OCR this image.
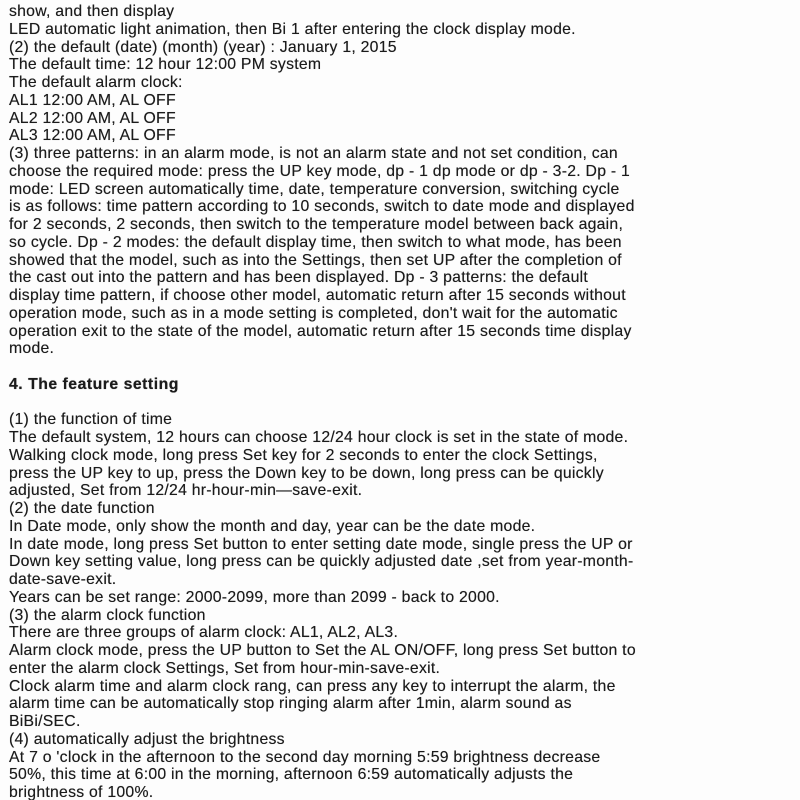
show, and then display
LED automatic light animation, then Bi 1 after entering the clock display mode.
(2) the default (date) (month) (year) : January 1, 2015
The default time: 12 hour 12:00 PM system
The default alarm clock:
AL1 12:00 AM, AL OFF
AL2 12:00 AM, AL OFF
AL3 12:00 AM, AL OFF
(3) three patterns: in an alarm mode, is not an alarm state and not set condition, can
choose the required mode: press the UP key mode, dp - 1 dp mode or dp - 3-2. Dp - 1
mode: LED screen automatically time, date, temperature conversion, switching cycle
is as follows: time pattern according to 10 seconds, switch to date mode and displayed
for 2 seconds, 2 seconds, then switch to the temperature model between back again,
so cycle. Dp - 2 modes: the default display time, then switch to what mode, has been
showed that the model, such as into the Settings, then set UP after the completion of
the cast out into the pattern and has been displayed. Dp - 3 patterns: the default
display time pattern, if choose other model, automatic return after 15 seconds without
operation mode, such as in a mode setting is completed, don't wait for the automatic
operation exit to the state of the model, automatic return after 15 seconds time display
mode.
4. The feature setting
(1) the function of time
The default system, 12 hours can choose 12/24 hour clock is set in the state of mode.
Walking clock mode, long press Set key for 2 seconds to enter the clock Settings,
press the UP key to up, press the Down key to be down, long press can be quickly
adjusted, Set from 12/24 hr-hour-min—save-exit.
(2) the date function
In Date mode, only show the month and day, year can be the date mode.
In date mode, long press Set button to enter setting date mode, single press the UP or
Down key setting value, long press can be quickly adjusted date ,set from year-month-
date-save-exit.
Years can be set range: 2000-2099, more than 2099 - back to 2000.
(3) the alarm clock function
There are three groups of alarm clock: AL1, AL2, AL3.
Alarm clock mode, press the UP button to Set the AL ON/OFF, long press Set button to
enter the alarm clock Settings, Set from hour-min-save-exit.
Clock alarm time and alarm clock rang, can press any key to interrupt the alarm, the
alarm time can be automatically stop ringing alarm after 1min, alarm sound as
BiBi/SEC.
(4) automatically adjust the brightness
At 7 o 'clock in the afternoon to the second day morning 5:59 brightness decrease
50%, this time at 6:00 in the morning, afternoon 6:59 automatically adjusts the
brightness of 100%.
